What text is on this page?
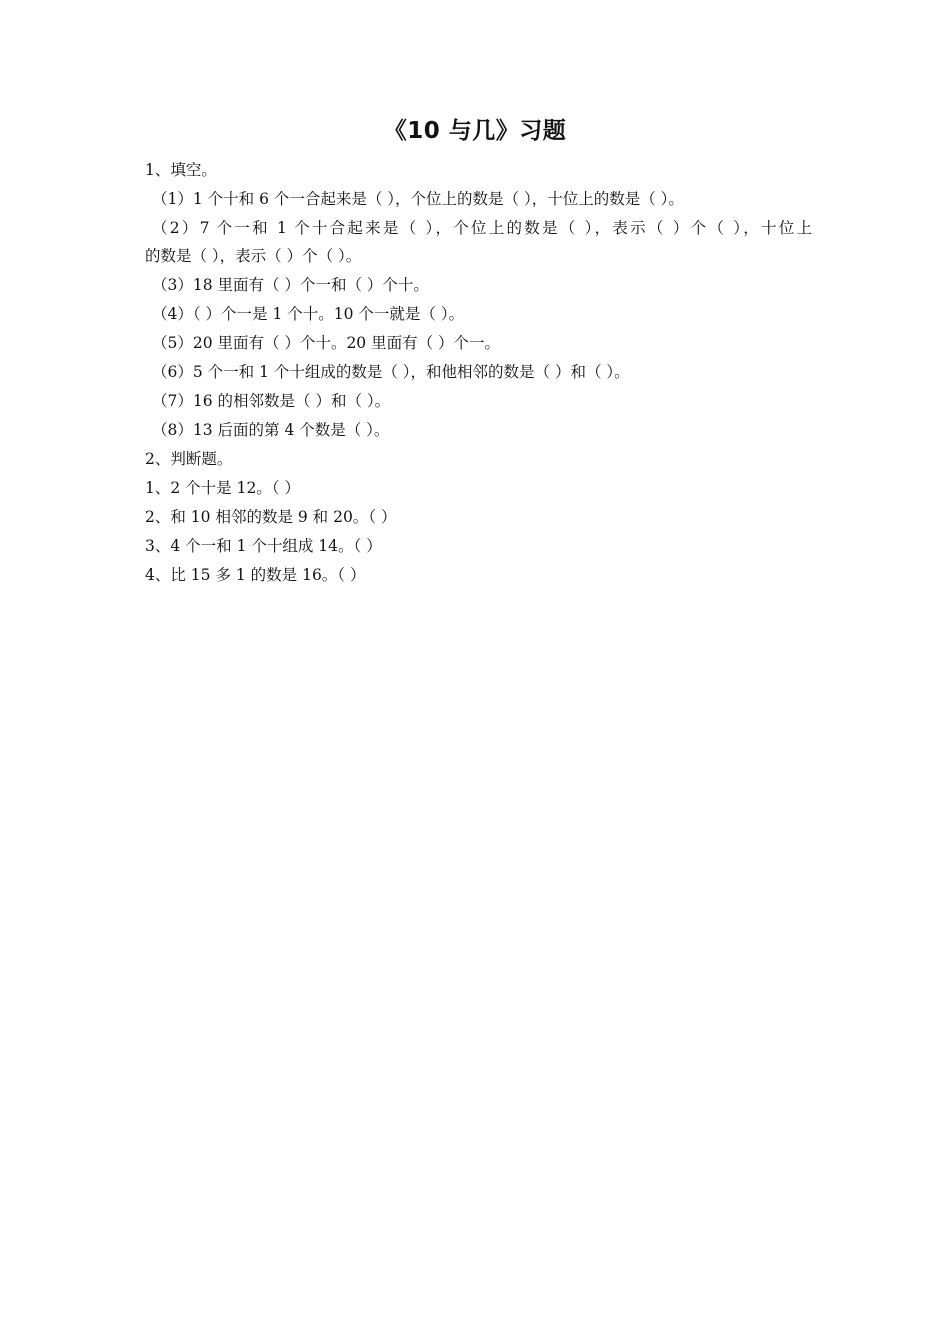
《10 与几》习题
1、填空。
（1）1 个十和 6 个一合起来是（ ），个位上的数是（ ），十位上的数是（ ）。
（2）7 个一和 1 个十合起来是（ ），个位上的数是（ ），表示（ ）个（ ），十位上
的数是（ ），表示（ ）个（ ）。
（3）18 里面有（ ）个一和（ ）个十。
（4）（ ）个一是 1 个十。10 个一就是（ ）。
（5）20 里面有（ ）个十。20 里面有（ ）个一。
（6）5 个一和 1 个十组成的数是（ ），和他相邻的数是（ ）和（ ）。
（7）16 的相邻数是（ ）和（ ）。
（8）13 后面的第 4 个数是（ ）。
2、判断题。
1、2 个十是 12。（ ）
2、和 10 相邻的数是 9 和 20。（ ）
3、4 个一和 1 个十组成 14。（ ）
4、比 15 多 1 的数是 16。（ ）
